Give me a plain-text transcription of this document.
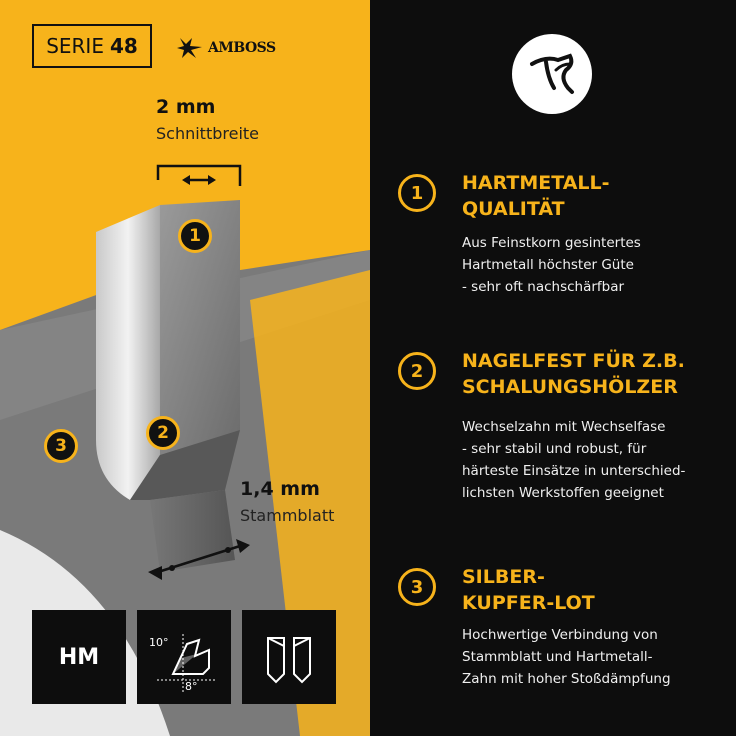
SERIE 48	AMBOSS
2 mm
Schnittbreite
1,4 mm
Stammblatt
1
2
3
HM
10°
8°
1	HARTMETALL-
QUALITÄT
Aus Feinstkorn gesintertes
Hartmetall höchster Güte
- sehr oft nachschärfbar
2	NAGELFEST FÜR Z.B.
SCHALUNGSHÖLZER
Wechselzahn mit Wechselfase
- sehr stabil und robust, für
härteste Einsätze in unterschied-
lichsten Werkstoffen geeignet
3	SILBER-
KUPFER-LOT
Hochwertige Verbindung von
Stammblatt und Hartmetall-
Zahn mit hoher Stoßdämpfung
